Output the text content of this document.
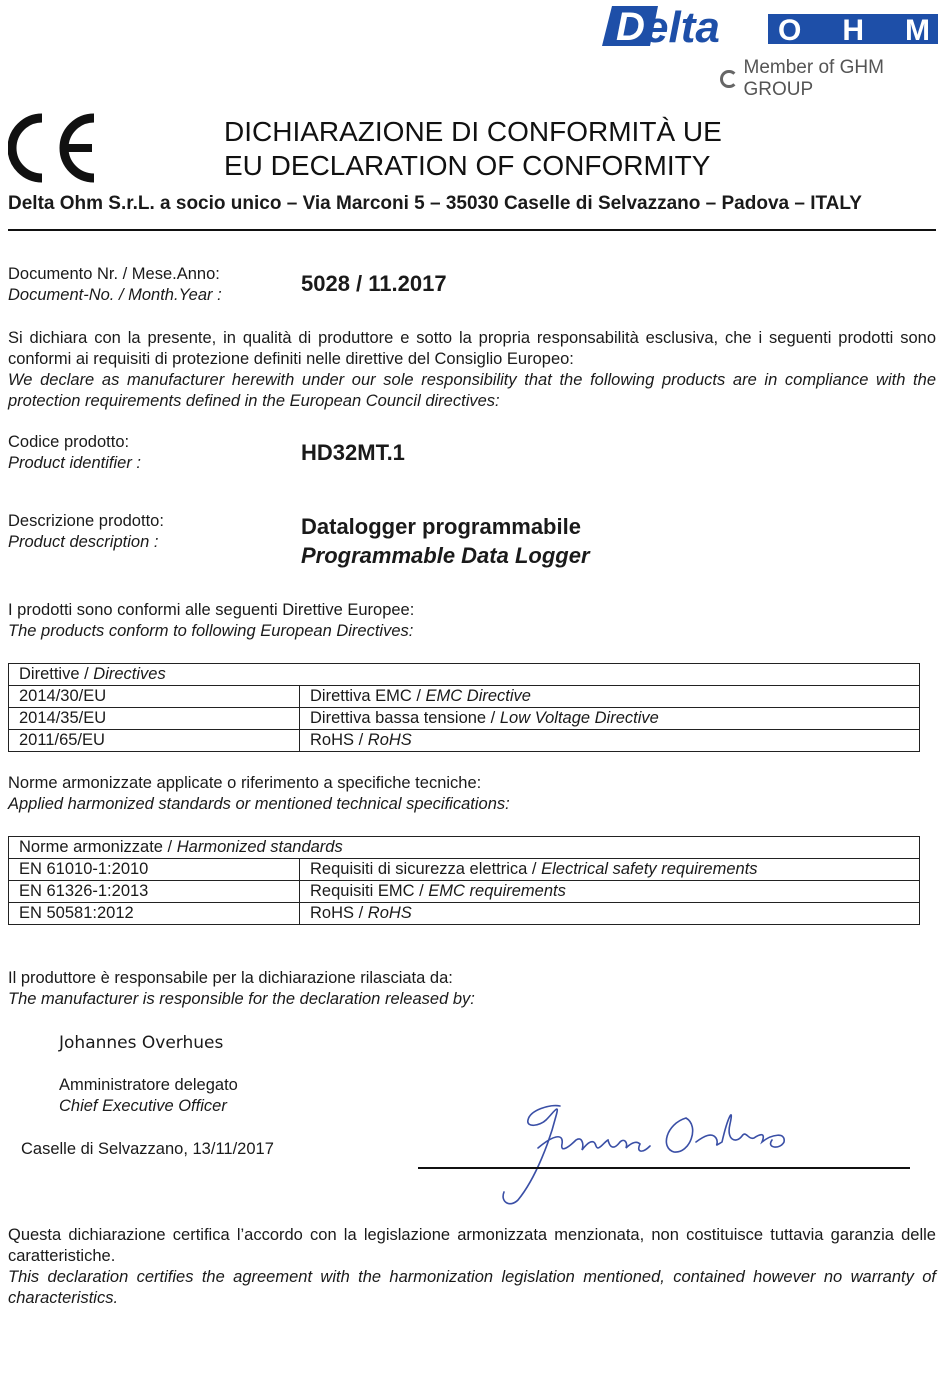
D elta OHM
Member of GHM GROUP
DICHIARAZIONE DI CONFORMITÀ UE
EU DECLARATION OF CONFORMITY
Delta Ohm S.r.L. a socio unico – Via Marconi 5 – 35030 Caselle di Selvazzano – Padova – ITALY
Documento Nr. / Mese.Anno:
Document-No. / Month.Year :	5028 / 11.2017
Si dichiara con la presente, in qualità di produttore e sotto la propria responsabilità esclusiva, che i seguenti prodotti sono conformi ai requisiti di protezione definiti nelle direttive del Consiglio Europeo:
We declare as manufacturer herewith under our sole responsibility that the following products are in compliance with the protection requirements defined in the European Council directives:
Codice prodotto:
Product identifier :	HD32MT.1
Descrizione prodotto:
Product description :
Datalogger programmabile
Programmable Data Logger
I prodotti sono conformi alle seguenti Direttive Europee:
The products conform to following European Directives:
Direttive / Directives	
2014/30/EU	Direttiva EMC / EMC Directive
2014/35/EU	Direttiva bassa tensione / Low Voltage Directive
2011/65/EU	RoHS / RoHS
Norme armonizzate applicate o riferimento a specifiche tecniche:
Applied harmonized standards or mentioned technical specifications:
Norme armonizzate / Harmonized standards	
EN 61010-1:2010	Requisiti di sicurezza elettrica / Electrical safety requirements
EN 61326-1:2013	Requisiti EMC / EMC requirements
EN 50581:2012	RoHS / RoHS
Il produttore è responsabile per la dichiarazione rilasciata da:
The manufacturer is responsible for the declaration released by:
Johannes Overhues
Amministratore delegato
Chief Executive Officer
Caselle di Selvazzano, 13/11/2017
Questa dichiarazione certifica l’accordo con la legislazione armonizzata menzionata, non costituisce tuttavia garanzia delle caratteristiche.
This declaration certifies the agreement with the harmonization legislation mentioned, contained however no warranty of characteristics.
